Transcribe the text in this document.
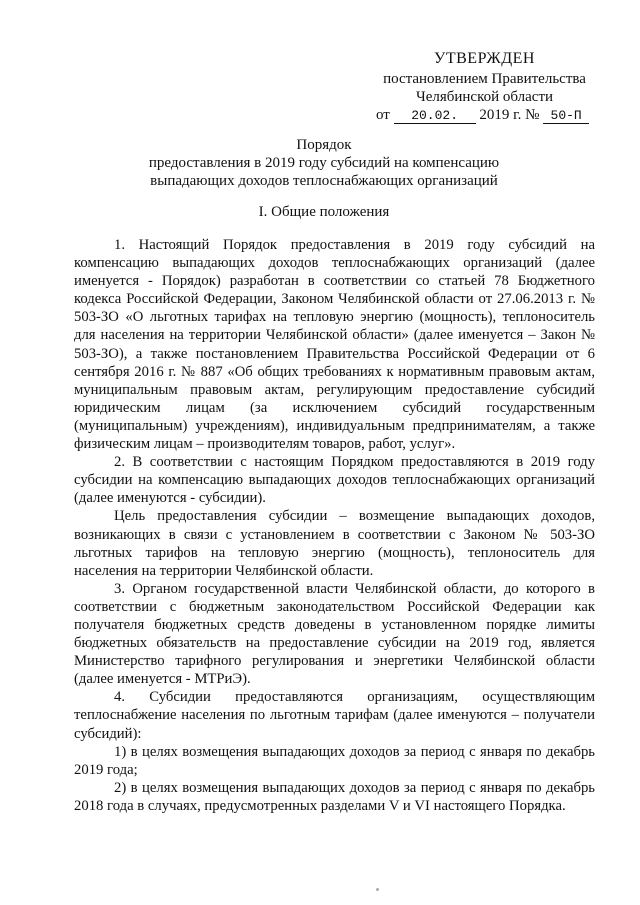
УТВЕРЖДЕН
постановлением Правительства
Челябинской области
от 20.02. 2019 г. № 50-П
Порядок
предоставления в 2019 году субсидий на компенсацию
выпадающих доходов теплоснабжающих организаций
I. Общие положения

1. Настоящий Порядок предоставления в 2019 году субсидий на компенсацию выпадающих доходов теплоснабжающих организаций (далее именуется - Порядок) разработан в соответствии со статьей 78 Бюджетного кодекса Российской Федерации, Законом Челябинской области от 27.06.2013 г. № 503-ЗО «О льготных тарифах на тепловую энергию (мощность), теплоноситель для населения на территории Челябинской области» (далее именуется – Закон № 503-ЗО), а также постановлением Правительства Российской Федерации от 6 сентября 2016 г. № 887 «Об общих требованиях к нормативным правовым актам, муниципальным правовым актам, регулирующим предоставление субсидий юридическим лицам (за исключением субсидий государственным (муниципальным) учреждениям), индивидуальным предпринимателям, а также физическим лицам – производителям товаров, работ, услуг».

2. В соответствии с настоящим Порядком предоставляются в 2019 году субсидии на компенсацию выпадающих доходов теплоснабжающих организаций (далее именуются - субсидии).

Цель предоставления субсидии – возмещение выпадающих доходов, возникающих в связи с установлением в соответствии с Законом № 503-ЗО льготных тарифов на тепловую энергию (мощность), теплоноситель для населения на территории Челябинской области.

3. Органом государственной власти Челябинской области, до которого в соответствии с бюджетным законодательством Российской Федерации как получателя бюджетных средств доведены в установленном порядке лимиты бюджетных обязательств на предоставление субсидии на 2019 год, является Министерство тарифного регулирования и энергетики Челябинской области (далее именуется - МТРиЭ).

4. Субсидии предоставляются организациям, осуществляющим теплоснабжение населения по льготным тарифам (далее именуются – получатели субсидий):

1) в целях возмещения выпадающих доходов за период с января по декабрь 2019 года;

2) в целях возмещения выпадающих доходов за период с января по декабрь 2018 года в случаях, предусмотренных разделами V и VI настоящего Порядка.
